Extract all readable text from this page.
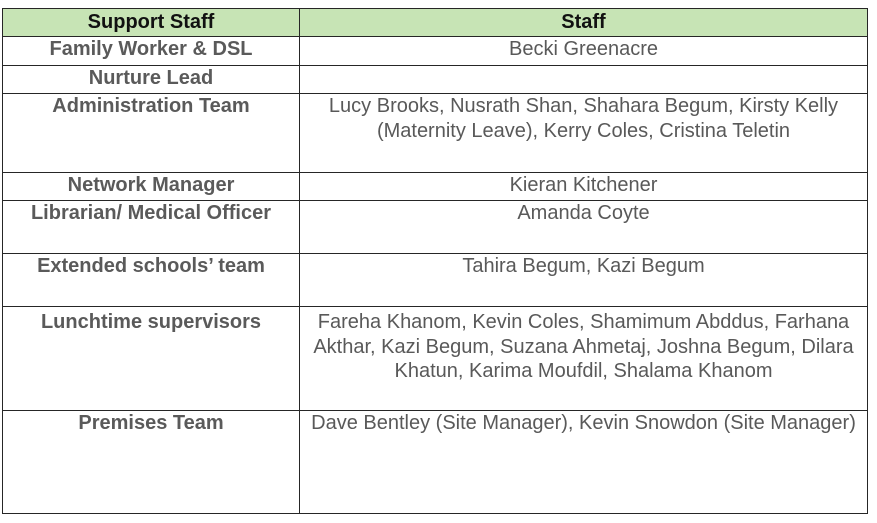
Support Staff	Staff
Family Worker & DSL	Becki Greenacre
Nurture Lead	
Administration Team	Lucy Brooks, Nusrath Shan, Shahara Begum, Kirsty Kelly (Maternity Leave), Kerry Coles, Cristina Teletin
Network Manager	Kieran Kitchener
Librarian/ Medical Officer	Amanda Coyte
Extended schools’ team	Tahira Begum, Kazi Begum
Lunchtime supervisors	Fareha Khanom, Kevin Coles, Shamimum Abddus, Farhana Akthar, Kazi Begum, Suzana Ahmetaj, Joshna Begum, Dilara Khatun, Karima Moufdil, Shalama Khanom
Premises Team	Dave Bentley (Site Manager), Kevin Snowdon (Site Manager)
